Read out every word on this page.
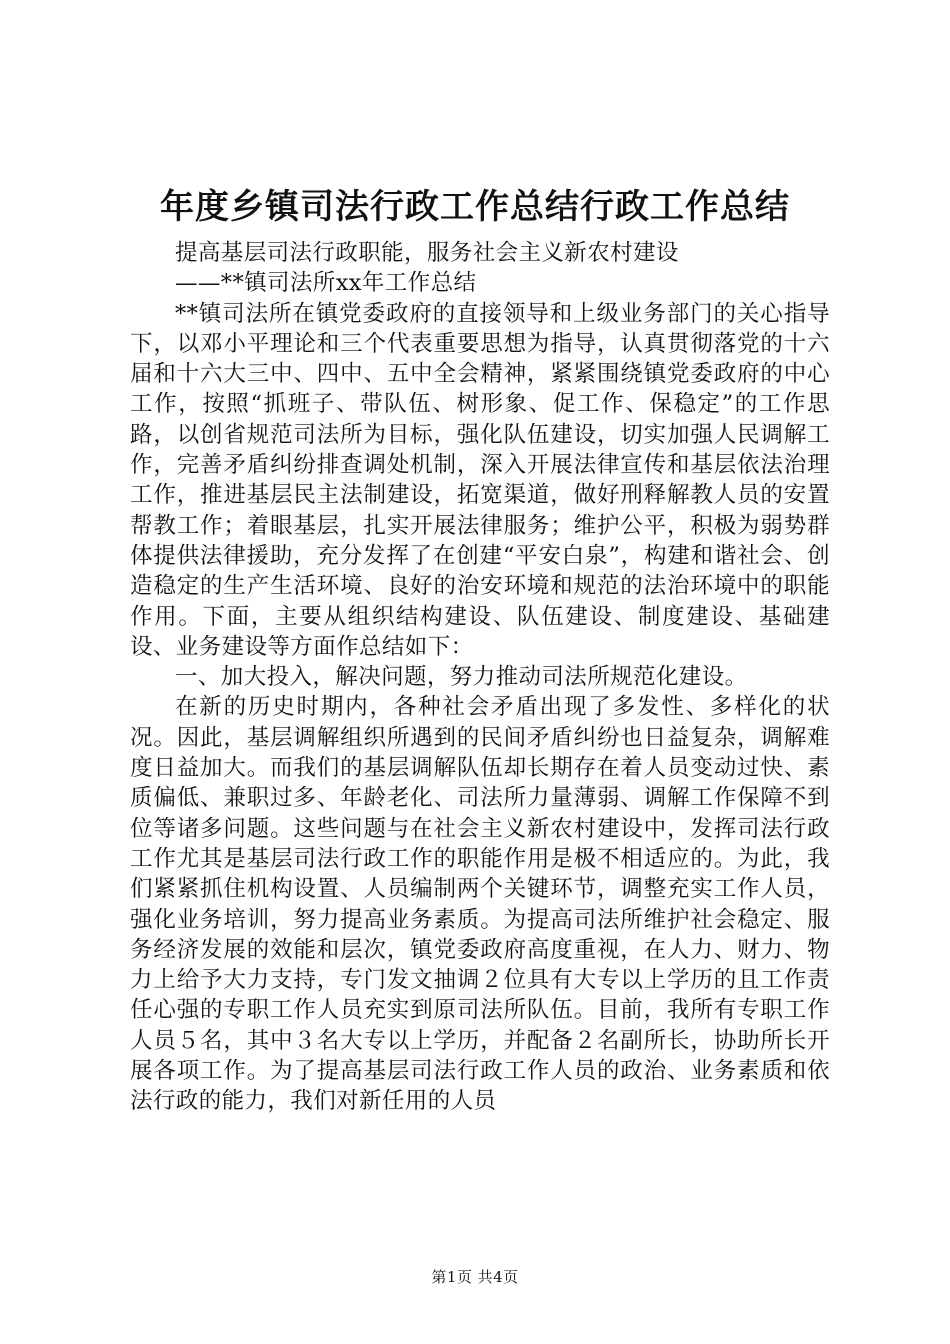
年度乡镇司法行政工作总结行政工作总结

提高基层司法行政职能，服务社会主义新农村建设

——**镇司法所xx年工作总结

**镇司法所在镇党委政府的直接领导和上级业务部门的关心指导下，以邓小平理论和三个代表重要思想为指导，认真贯彻落党的十六届和十六大三中、四中、五中全会精神，紧紧围绕镇党委政府的中心工作，按照“抓班子、带队伍、树形象、促工作、保稳定”的工作思路，以创省规范司法所为目标，强化队伍建设，切实加强人民调解工作，完善矛盾纠纷排查调处机制，深入开展法律宣传和基层依法治理工作，推进基层民主法制建设，拓宽渠道，做好刑释解教人员的安置帮教工作；着眼基层，扎实开展法律服务；维护公平，积极为弱势群体提供法律援助，充分发挥了在创建“平安白泉”，构建和谐社会、创造稳定的生产生活环境、良好的治安环境和规范的法治环境中的职能作用。下面，主要从组织结构建设、队伍建设、制度建设、基础建设、业务建设等方面作总结如下：

一、加大投入，解决问题，努力推动司法所规范化建设。

在新的历史时期内，各种社会矛盾出现了多发性、多样化的状况。因此，基层调解组织所遇到的民间矛盾纠纷也日益复杂，调解难度日益加大。而我们的基层调解队伍却长期存在着人员变动过快、素质偏低、兼职过多、年龄老化、司法所力量薄弱、调解工作保障不到位等诸多问题。这些问题与在社会主义新农村建设中，发挥司法行政工作尤其是基层司法行政工作的职能作用是极不相适应的。为此，我们紧紧抓住机构设置、人员编制两个关键环节，调整充实工作人员，强化业务培训，努力提高业务素质。为提高司法所维护社会稳定、服务经济发展的效能和层次，镇党委政府高度重视，在人力、财力、物力上给予大力支持，专门发文抽调２位具有大专以上学历的且工作责任心强的专职工作人员充实到原司法所队伍。目前，我所有专职工作人员５名，其中３名大专以上学历，并配备２名副所长，协助所长开展各项工作。为了提高基层司法行政工作人员的政治、业务素质和依法行政的能力，我们对新任用的人员

第1页 共4页
